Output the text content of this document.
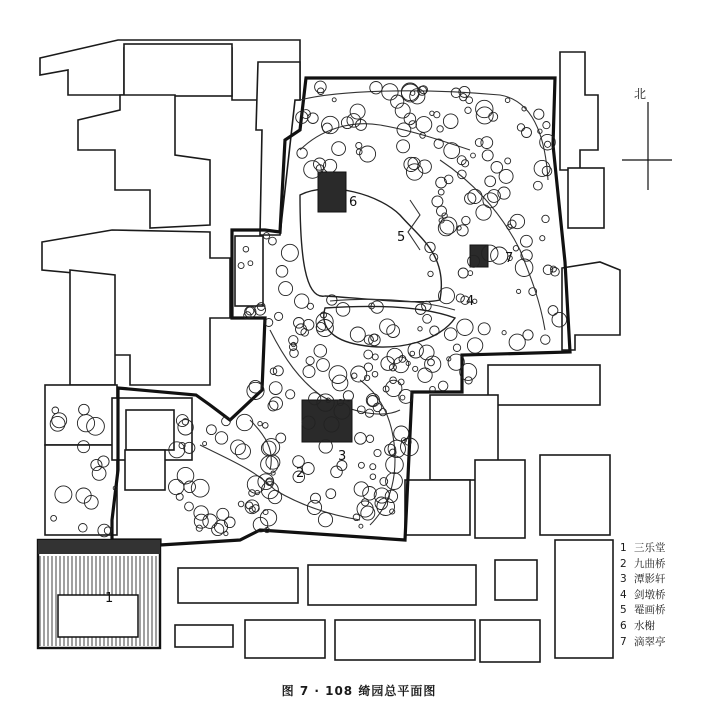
1
2
3
4
5
6
7
北
1 三乐堂
2 九曲桥
3 潭影轩
4 剑墩桥
5 罨画桥
6 水榭
7 滴翠亭
图 7 · 108 绮园总平面图
